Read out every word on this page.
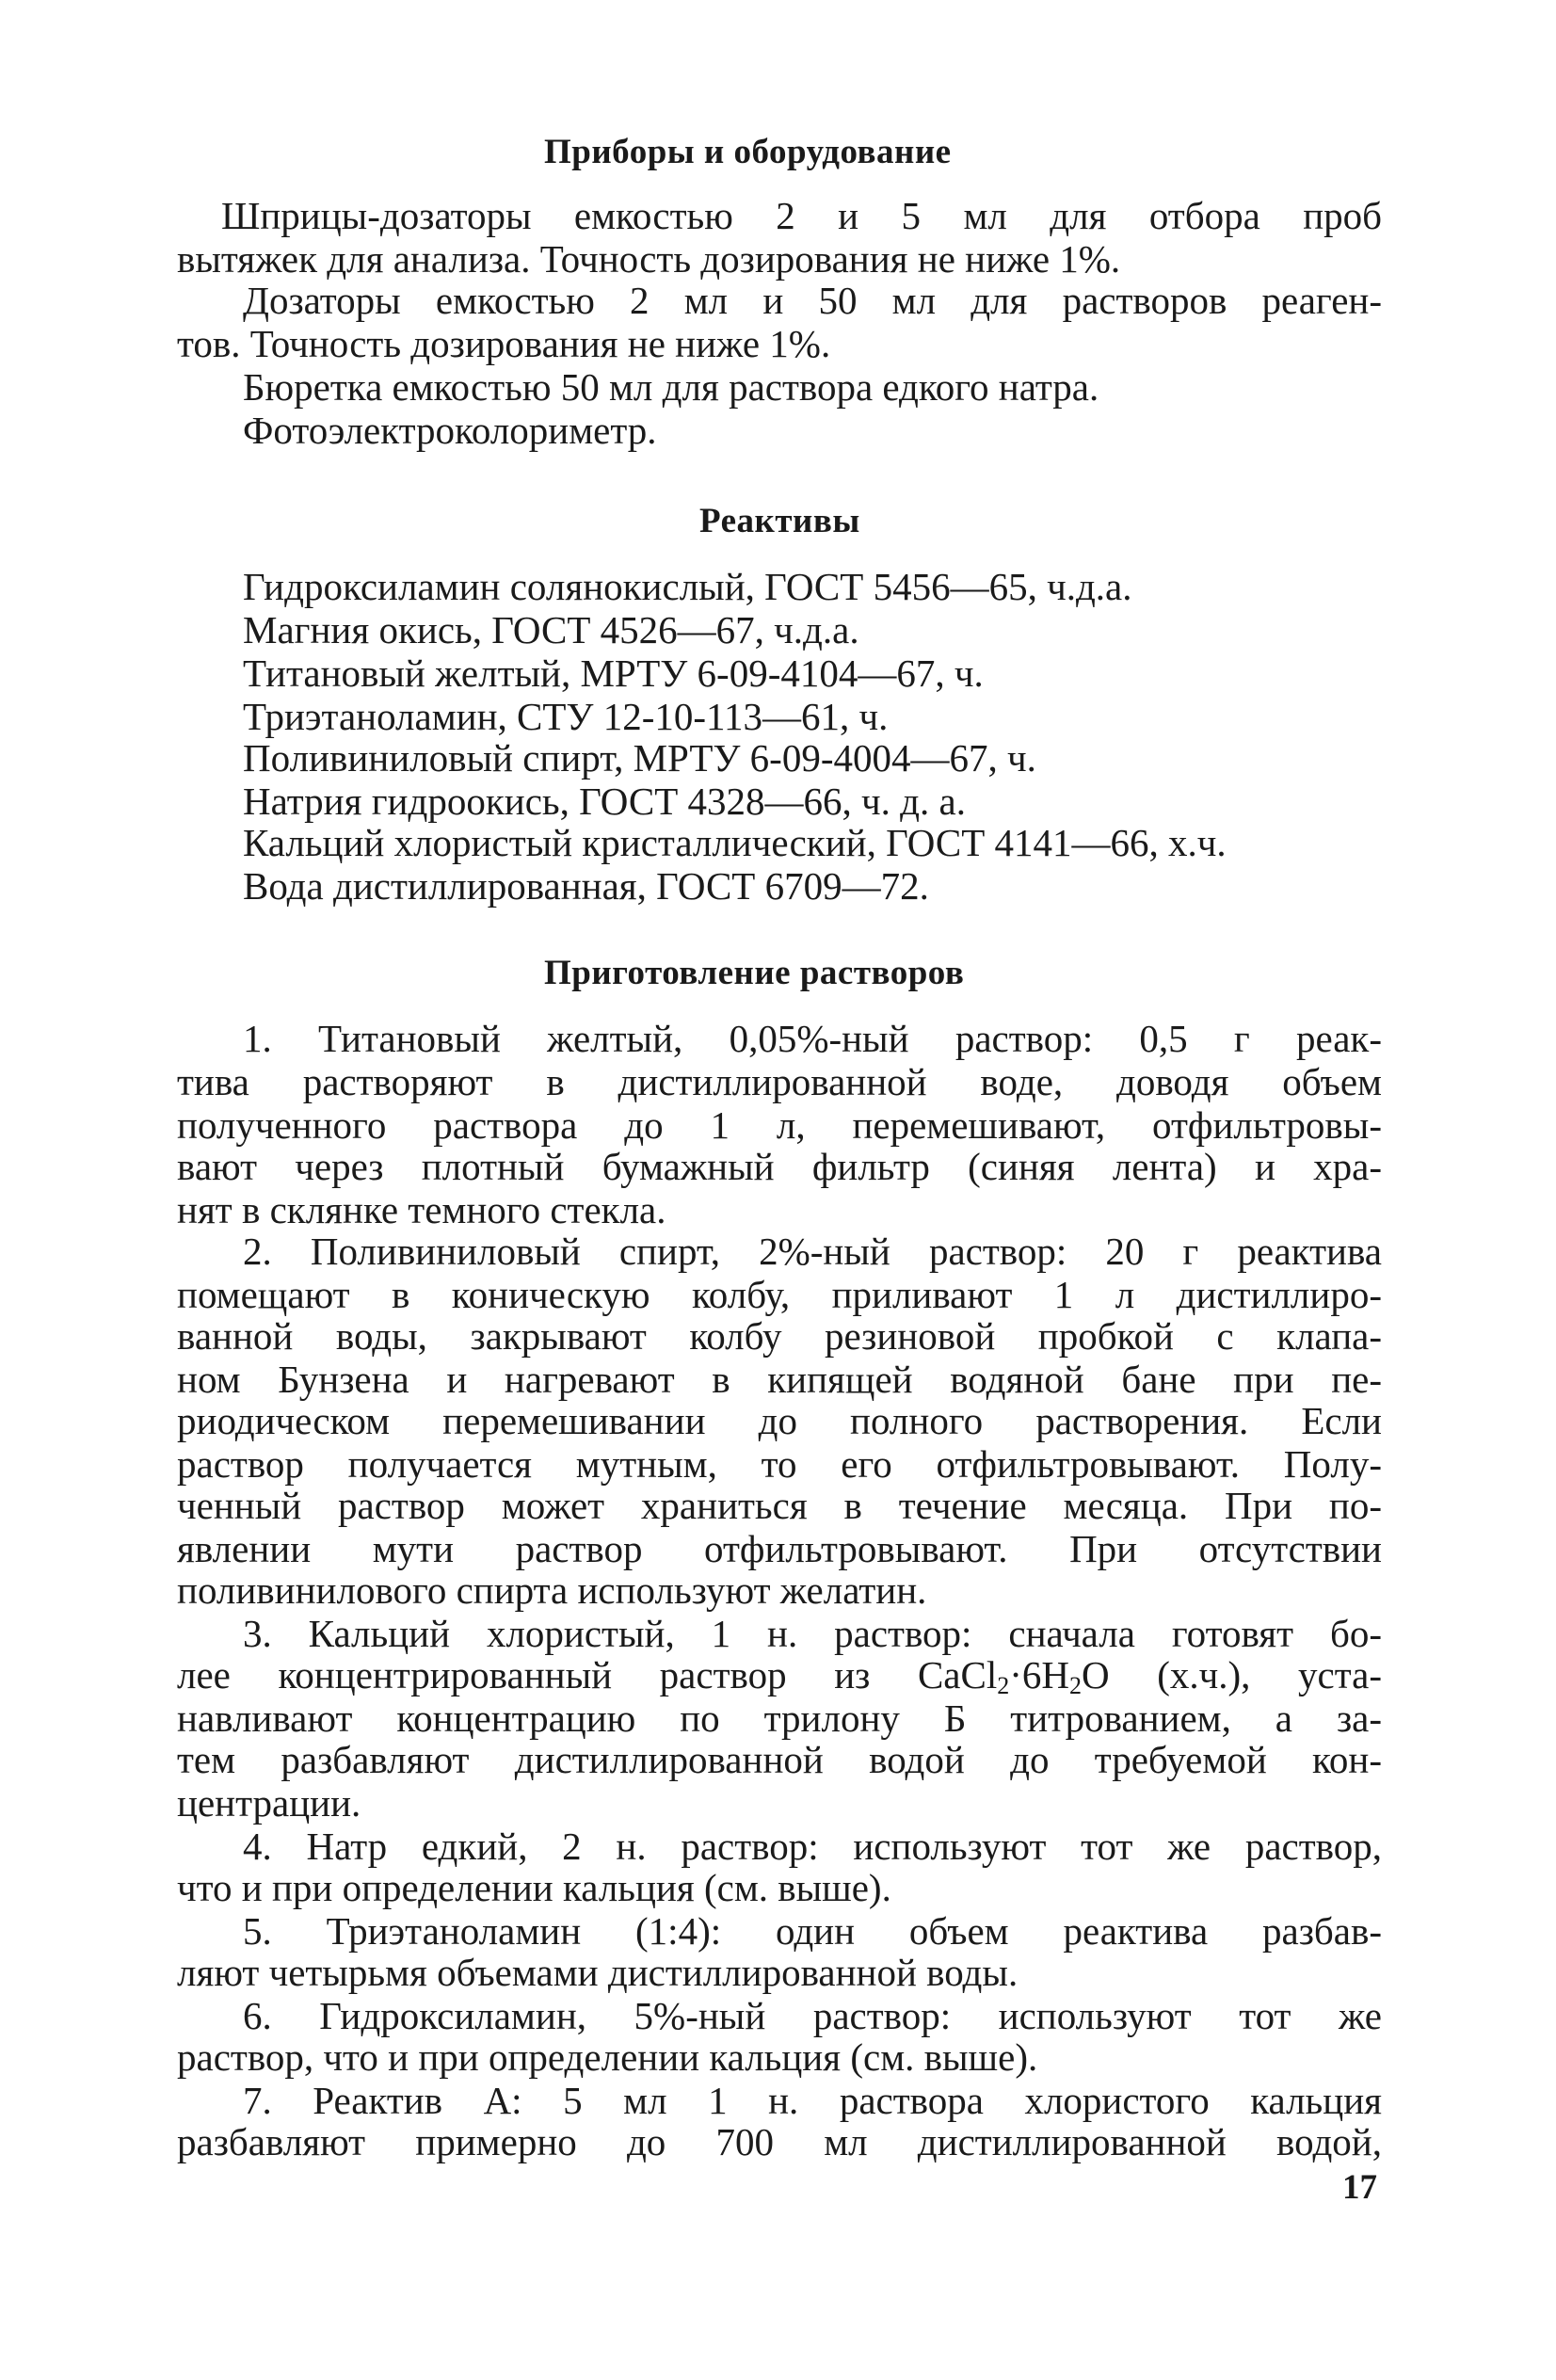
Приборы и оборудование

Шприцы-дозаторы емкостью 2 и 5 мл для отбора проб

вытяжек для анализа. Точность дозирования не ниже 1%.

Дозаторы емкостью 2 мл и 50 мл для растворов реаген-

тов. Точность дозирования не ниже 1%.

Бюретка емкостью 50 мл для раствора едкого натра.

Фотоэлектроколориметр.

Реактивы

Гидроксиламин солянокислый, ГОСТ 5456—65, ч.д.а.

Магния окись, ГОСТ 4526—67, ч.д.а.

Титановый желтый, МРТУ 6-09-4104—67, ч.

Триэтаноламин, СТУ 12-10-113—61, ч.

Поливиниловый спирт, МРТУ 6-09-4004—67, ч.

Натрия гидроокись, ГОСТ 4328—66, ч. д. а.

Кальций хлористый кристаллический, ГОСТ 4141—66, х.ч.

Вода дистиллированная, ГОСТ 6709—72.

Приготовление растворов

1. Титановый желтый, 0,05%-ный раствор: 0,5 г реак-

тива растворяют в дистиллированной воде, доводя объем

полученного раствора до 1 л, перемешивают, отфильтровы-

вают через плотный бумажный фильтр (синяя лента) и хра-

нят в склянке темного стекла.

2. Поливиниловый спирт, 2%-ный раствор: 20 г реактива

помещают в коническую колбу, приливают 1 л дистиллиро-

ванной воды, закрывают колбу резиновой пробкой с клапа-

ном Бунзена и нагревают в кипящей водяной бане при пе-

риодическом перемешивании до полного растворения. Если

раствор получается мутным, то его отфильтровывают. Полу-

ченный раствор может храниться в течение месяца. При по-

явлении мути раствор отфильтровывают. При отсутствии

поливинилового спирта используют желатин.

3. Кальций хлористый, 1 н. раствор: сначала готовят бо-

лее концентрированный раствор из $CaCl_2\cdot 6H_2O$ (х.ч.), уста-

навливают концентрацию по трилону Б титрованием, а за-

тем разбавляют дистиллированной водой до требуемой кон-

центрации.

4. Натр едкий, 2 н. раствор: используют тот же раствор,

что и при определении кальция (см. выше).

5. Триэтаноламин (1:4): один объем реактива разбав-

ляют четырьмя объемами дистиллированной воды.

6. Гидроксиламин, 5%-ный раствор: используют тот же

раствор, что и при определении кальция (см. выше).

7. Реактив А: 5 мл 1 н. раствора хлористого кальция

разбавляют примерно до 700 мл дистиллированной водой,

17
